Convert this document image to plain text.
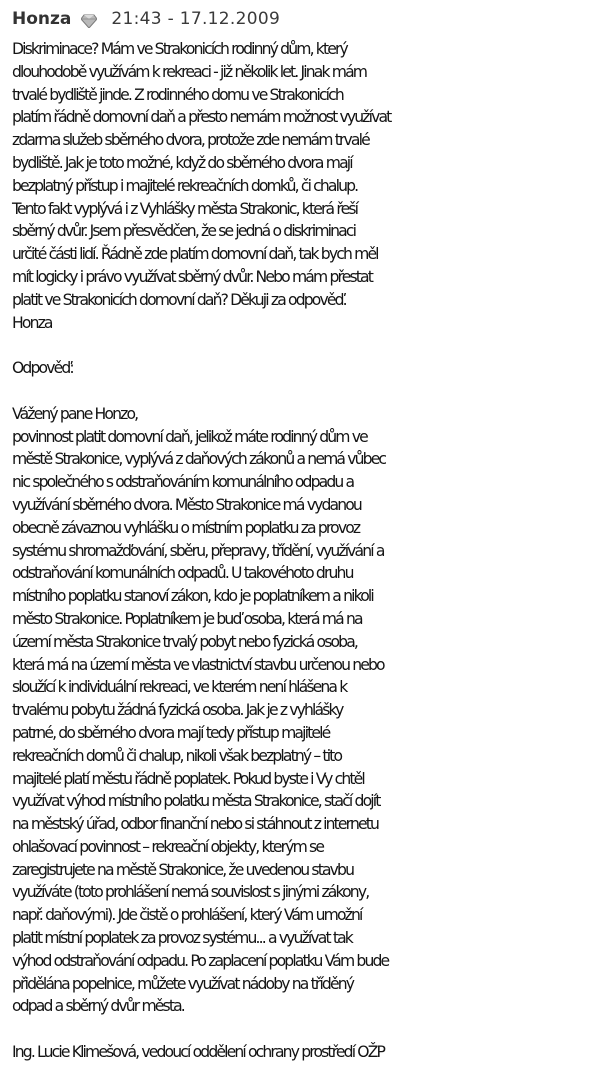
Honza 21:43 - 17.12.2009
Diskriminace? Mám ve Strakonicích rodinný dům, který
dlouhodobě využívám k rekreaci - již několik let. Jinak mám
trvalé bydliště jinde. Z rodinného domu ve Strakonicích
platím řádně domovní daň a přesto nemám možnost využívat
zdarma služeb sběrného dvora, protože zde nemám trvalé
bydliště. Jak je toto možné, když do sběrného dvora mají
bezplatný přístup i majitelé rekreačních domků, či chalup.
Tento fakt vyplývá i z Vyhlášky města Strakonic, která řeší
sběrný dvůr. Jsem přesvědčen, že se jedná o diskriminaci
určité části lidí. Řádně zde platím domovní daň, tak bych měl
mít logicky i právo využívat sběrný dvůr. Nebo mám přestat
platit ve Strakonicích domovní daň? Děkuji za odpověď.
Honza
Odpověď:
Vážený pane Honzo,
povinnost platit domovní daň, jelikož máte rodinný dům ve
městě Strakonice, vyplývá z daňových zákonů a nemá vůbec
nic společného s odstraňováním komunálního odpadu a
využívání sběrného dvora. Město Strakonice má vydanou
obecně závaznou vyhlášku o místním poplatku za provoz
systému shromažďování, sběru, přepravy, třídění, využívání a
odstraňování komunálních odpadů. U takovéhoto druhu
místního poplatku stanoví zákon, kdo je poplatníkem a nikoli
město Strakonice. Poplatníkem je buď osoba, která má na
území města Strakonice trvalý pobyt nebo fyzická osoba,
která má na území města ve vlastnictví stavbu určenou nebo
sloužící k individuální rekreaci, ve kterém není hlášena k
trvalému pobytu žádná fyzická osoba. Jak je z vyhlášky
patrné, do sběrného dvora mají tedy přístup majitelé
rekreačních domů či chalup, nikoli však bezplatný – tito
majitelé platí městu řádně poplatek. Pokud byste i Vy chtěl
využívat výhod místního polatku města Strakonice, stačí dojít
na městský úřad, odbor finanční nebo si stáhnout z internetu
ohlašovací povinnost – rekreační objekty, kterým se
zaregistrujete na městě Strakonice, že uvedenou stavbu
využíváte (toto prohlášení nemá souvislost s jinými zákony,
např. daňovými). Jde čistě o prohlášení, který Vám umožní
platit místní poplatek za provoz systému... a využívat tak
výhod odstraňování odpadu. Po zaplacení poplatku Vám bude
přidělána popelnice, můžete využívat nádoby na tříděný
odpad a sběrný dvůr města.
Ing. Lucie Klimešová, vedoucí oddělení ochrany prostředí OŽP
